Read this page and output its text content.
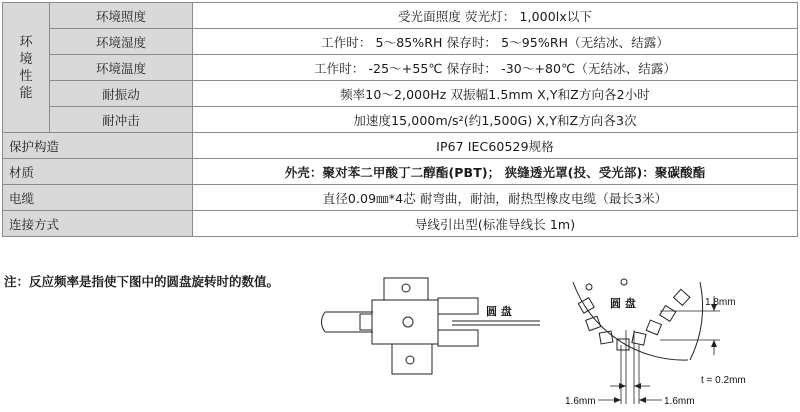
环
境
性
能	环境照度	受光面照度 荧光灯： 1,000lx以下
	环境湿度	工作时： 5～85%RH 保存时： 5～95%RH（无结冰、结露）
	环境温度	工作时： -25～+55℃ 保存时： -30～+80℃（无结冰、结露）
	耐振动	频率10～2,000Hz 双振幅1.5mm X,Y和Z方向各2小时
	耐冲击	加速度15,000m/s²(约1,500G) X,Y和Z方向各3次
保护构造		IP67 IEC60529规格
材质		外壳：聚对苯二甲酸丁二醇酯(PBT)； 狭缝透光罩(投、受光部)：聚碳酸酯
电缆		直径0.09㎜*4芯 耐弯曲，耐油，耐热型橡皮电缆（最长3米）
连接方式		导线引出型(标准导线长 1m)
注：反应频率是指使下图中的圆盘旋转时的数值。
圆 盘
圆 盘	1.8mm
t = 0.2mm
1.6mm	1.6mm
